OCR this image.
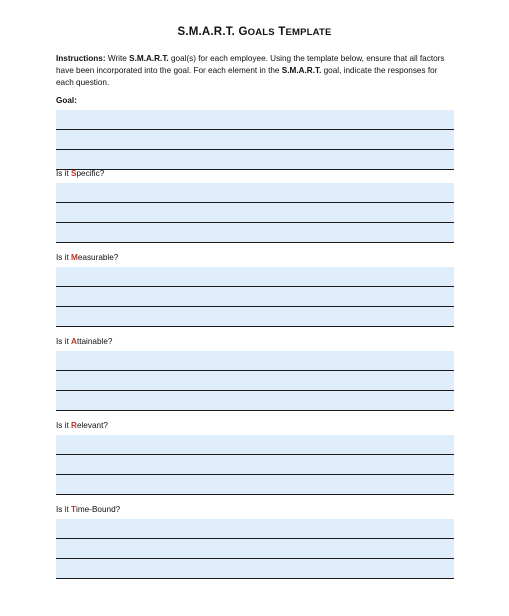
S.M.A.R.T. GOALS TEMPLATE
Instructions: Write S.M.A.R.T. goal(s) for each employee. Using the template below, ensure that all factors have been incorporated into the goal. For each element in the S.M.A.R.T. goal, indicate the responses for each question.
Goal:
Is it Specific?
Is it Measurable?
Is it Attainable?
Is it Relevant?
Is it Time-Bound?
